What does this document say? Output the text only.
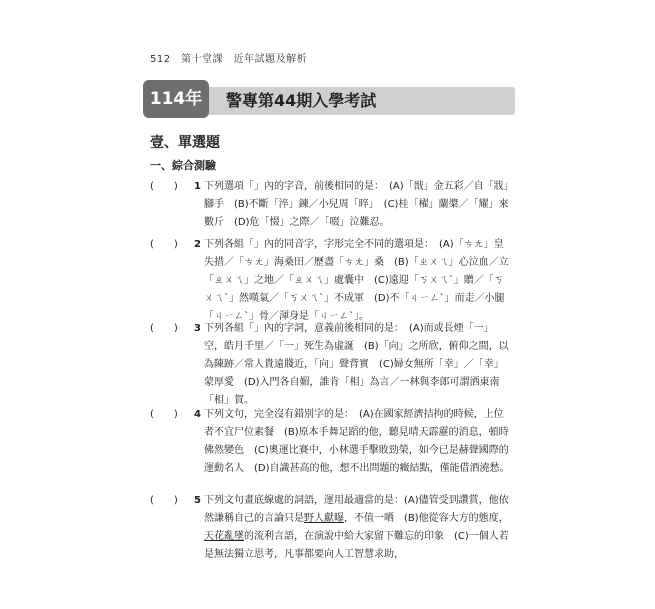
512　第十堂課　近年試題及解析
114年	警專第44期入學考試
壹、單選題
一、綜合測驗
(　　)	1 下列選項「」內的字音，前後相同的是：　(A)「戩」金五彩／自「戕」腳手　(B)不斷「淬」鍊／小兒周「晬」　(C)桂「櫂」蘭槳／「耀」來數斤　(D)危「惙」之際／「啜」泣難忍。
(　　)	2 下列各組「」內的同音字，字形完全不同的選項是：　(A)「ㄘㄤ」皇失措／「ㄘㄤ」海桑田／歷盡「ㄘㄤ」桑　(B)「ㄓㄨㄟ」心泣血／立「ㄓㄨㄟ」之地／「ㄓㄨㄟ」處囊中　(C)遠迎「ㄎㄨㄟˋ」贈／「ㄎㄨㄟˋ」然嘆氣／「ㄎㄨㄟˋ」不成軍　(D)不「ㄐㄧㄥˋ」而走／小腿「ㄐㄧㄥˋ」骨／渾身是「ㄐㄧㄥˋ」。
(　　)	3 下列各組「」內的字詞，意義前後相同的是：　(A)而或長煙「一」空，皓月千里／「一」死生為虛誕　(B)「向」之所欣，俯仰之間，以為陳跡／常人貴遠賤近，「向」聲背實　(C)婦女無所「幸」／「幸」蒙厚愛　(D)入門各自媚，誰肯「相」為言／一林與李郎可謂洒東南「相」賀。
(　　)	4 下列文句，完全沒有錯別字的是：　(A)在國家經濟拮拘的時候，上位者不宜尸位素餐　(B)原本手舞足蹈的他，聽見晴天霹靂的消息，頓時佛然變色　(C)奧運比賽中，小林選手擊敗勁榮，如今已是赫聲國際的運動名人　(D)自識甚高的他，想不出問題的癥結點，僅能借酒澆愁。
(　　)	5 下列文句畫底線處的詞語，運用最適當的是：(A)儘管受到讚賞，他依然謙稱自己的言論只是野人獻曝，不值一哂　(B)他從容大方的態度，天花亂墜的流利言語，在演說中給大家留下難忘的印象　(C)一個人若是無法獨立思考，凡事都要向人工智慧求助，
